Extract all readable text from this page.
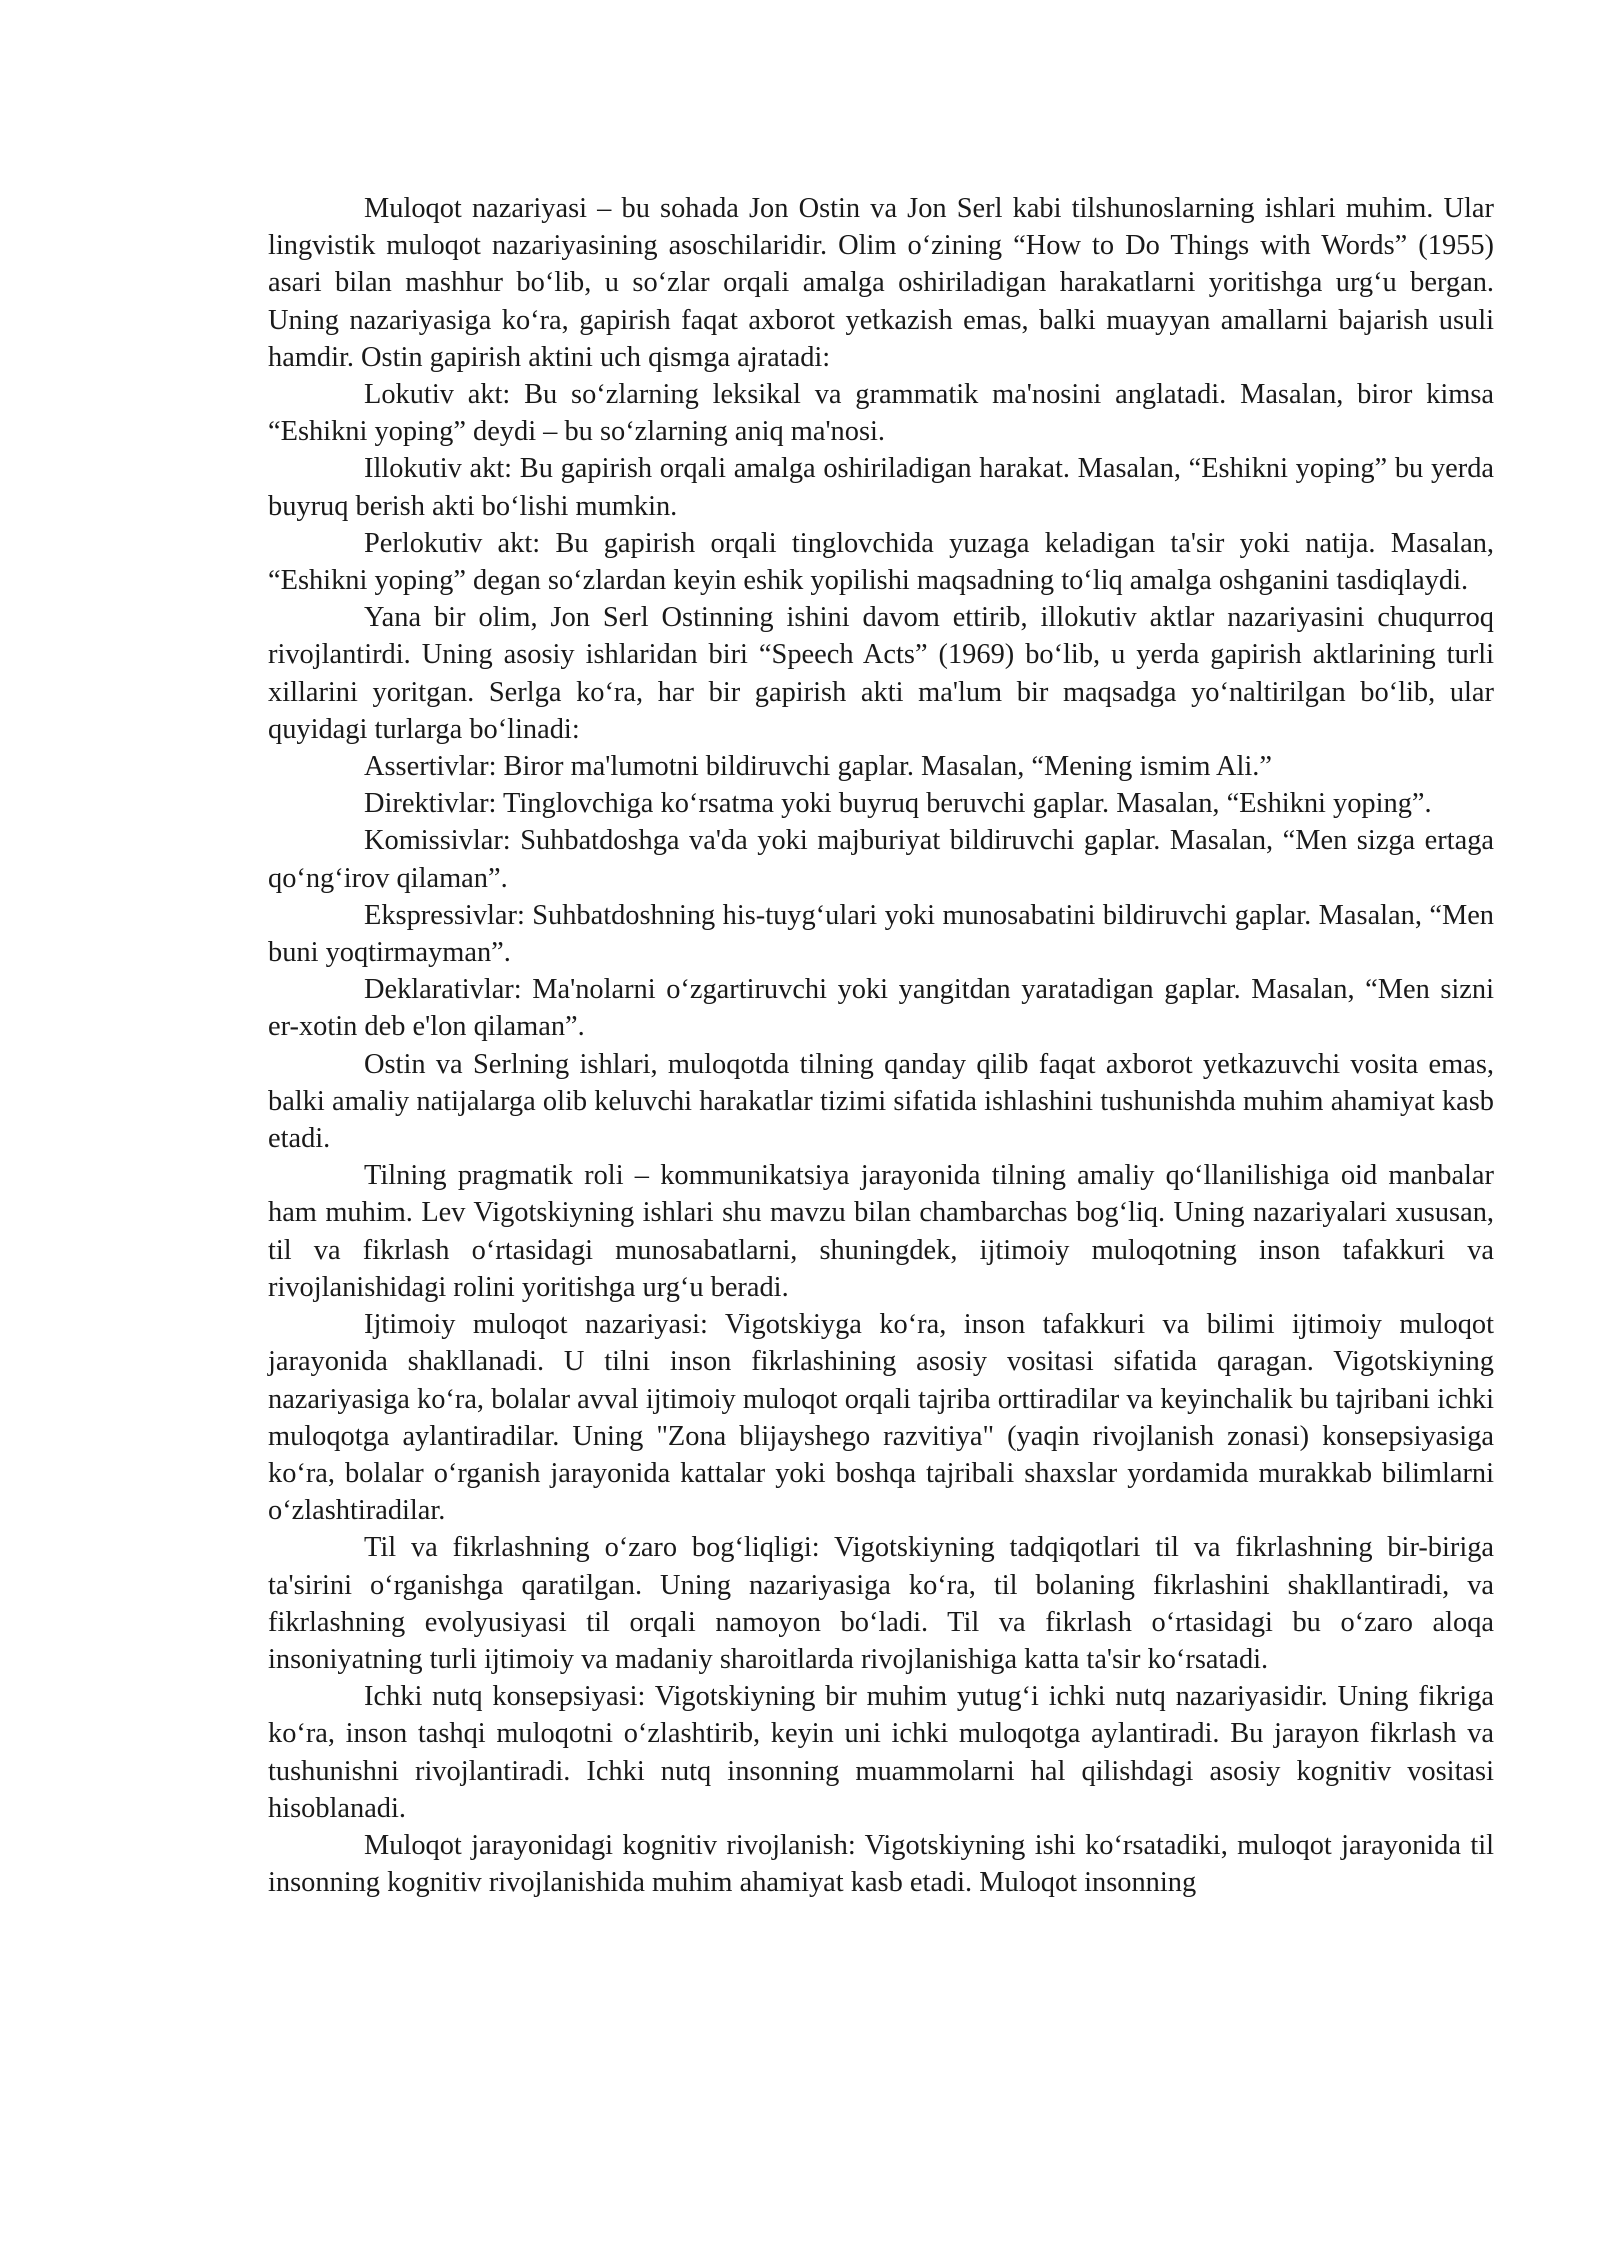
Muloqot nazariyasi – bu sohada Jon Ostin va Jon Serl kabi tilshunoslarning ishlari muhim. Ular lingvistik muloqot nazariyasining asoschilaridir. Olim o‘zining “How to Do Things with Words” (1955) asari bilan mashhur bo‘lib, u so‘zlar orqali amalga oshiriladigan harakatlarni yoritishga urg‘u bergan. Uning nazariyasiga ko‘ra, gapirish faqat axborot yetkazish emas, balki muayyan amallarni bajarish usuli hamdir. Ostin gapirish aktini uch qismga ajratadi:

Lokutiv akt: Bu so‘zlarning leksikal va grammatik ma'nosini anglatadi. Masalan, biror kimsa “Eshikni yoping” deydi – bu so‘zlarning aniq ma'nosi.

Illokutiv akt: Bu gapirish orqali amalga oshiriladigan harakat. Masalan, “Eshikni yoping” bu yerda buyruq berish akti bo‘lishi mumkin.

Perlokutiv akt: Bu gapirish orqali tinglovchida yuzaga keladigan ta'sir yoki natija. Masalan, “Eshikni yoping” degan so‘zlardan keyin eshik yopilishi maqsadning to‘liq amalga oshganini tasdiqlaydi.

Yana bir olim, Jon Serl Ostinning ishini davom ettirib, illokutiv aktlar nazariyasini chuqurroq rivojlantirdi. Uning asosiy ishlaridan biri “Speech Acts” (1969) bo‘lib, u yerda gapirish aktlarining turli xillarini yoritgan. Serlga ko‘ra, har bir gapirish akti ma'lum bir maqsadga yo‘naltirilgan bo‘lib, ular quyidagi turlarga bo‘linadi:

Assertivlar: Biror ma'lumotni bildiruvchi gaplar. Masalan, “Mening ismim Ali.”

Direktivlar: Tinglovchiga ko‘rsatma yoki buyruq beruvchi gaplar. Masalan, “Eshikni yoping”.

Komissivlar: Suhbatdoshga va'da yoki majburiyat bildiruvchi gaplar. Masalan, “Men sizga ertaga qo‘ng‘irov qilaman”.

Ekspressivlar: Suhbatdoshning his-tuyg‘ulari yoki munosabatini bildiruvchi gaplar. Masalan, “Men buni yoqtirmayman”.

Deklarativlar: Ma'nolarni o‘zgartiruvchi yoki yangitdan yaratadigan gaplar. Masalan, “Men sizni er-xotin deb e'lon qilaman”.

Ostin va Serlning ishlari, muloqotda tilning qanday qilib faqat axborot yetkazuvchi vosita emas, balki amaliy natijalarga olib keluvchi harakatlar tizimi sifatida ishlashini tushunishda muhim ahamiyat kasb etadi.

Tilning pragmatik roli – kommunikatsiya jarayonida tilning amaliy qo‘llanilishiga oid manbalar ham muhim. Lev Vigotskiyning ishlari shu mavzu bilan chambarchas bog‘liq. Uning nazariyalari xususan, til va fikrlash o‘rtasidagi munosabatlarni, shuningdek, ijtimoiy muloqotning inson tafakkuri va rivojlanishidagi rolini yoritishga urg‘u beradi.

Ijtimoiy muloqot nazariyasi: Vigotskiyga ko‘ra, inson tafakkuri va bilimi ijtimoiy muloqot jarayonida shakllanadi. U tilni inson fikrlashining asosiy vositasi sifatida qaragan. Vigotskiyning nazariyasiga ko‘ra, bolalar avval ijtimoiy muloqot orqali tajriba orttiradilar va keyinchalik bu tajribani ichki muloqotga aylantiradilar. Uning "Zona blijayshego razvitiya" (yaqin rivojlanish zonasi) konsepsiyasiga ko‘ra, bolalar o‘rganish jarayonida kattalar yoki boshqa tajribali shaxslar yordamida murakkab bilimlarni o‘zlashtiradilar.

Til va fikrlashning o‘zaro bog‘liqligi: Vigotskiyning tadqiqotlari til va fikrlashning bir-biriga ta'sirini o‘rganishga qaratilgan. Uning nazariyasiga ko‘ra, til bolaning fikrlashini shakllantiradi, va fikrlashning evolyusiyasi til orqali namoyon bo‘ladi. Til va fikrlash o‘rtasidagi bu o‘zaro aloqa insoniyatning turli ijtimoiy va madaniy sharoitlarda rivojlanishiga katta ta'sir ko‘rsatadi.

Ichki nutq konsepsiyasi: Vigotskiyning bir muhim yutug‘i ichki nutq nazariyasidir. Uning fikriga ko‘ra, inson tashqi muloqotni o‘zlashtirib, keyin uni ichki muloqotga aylantiradi. Bu jarayon fikrlash va tushunishni rivojlantiradi. Ichki nutq insonning muammolarni hal qilishdagi asosiy kognitiv vositasi hisoblanadi.

Muloqot jarayonidagi kognitiv rivojlanish: Vigotskiyning ishi ko‘rsatadiki, muloqot jarayonida til insonning kognitiv rivojlanishida muhim ahamiyat kasb etadi. Muloqot insonning
